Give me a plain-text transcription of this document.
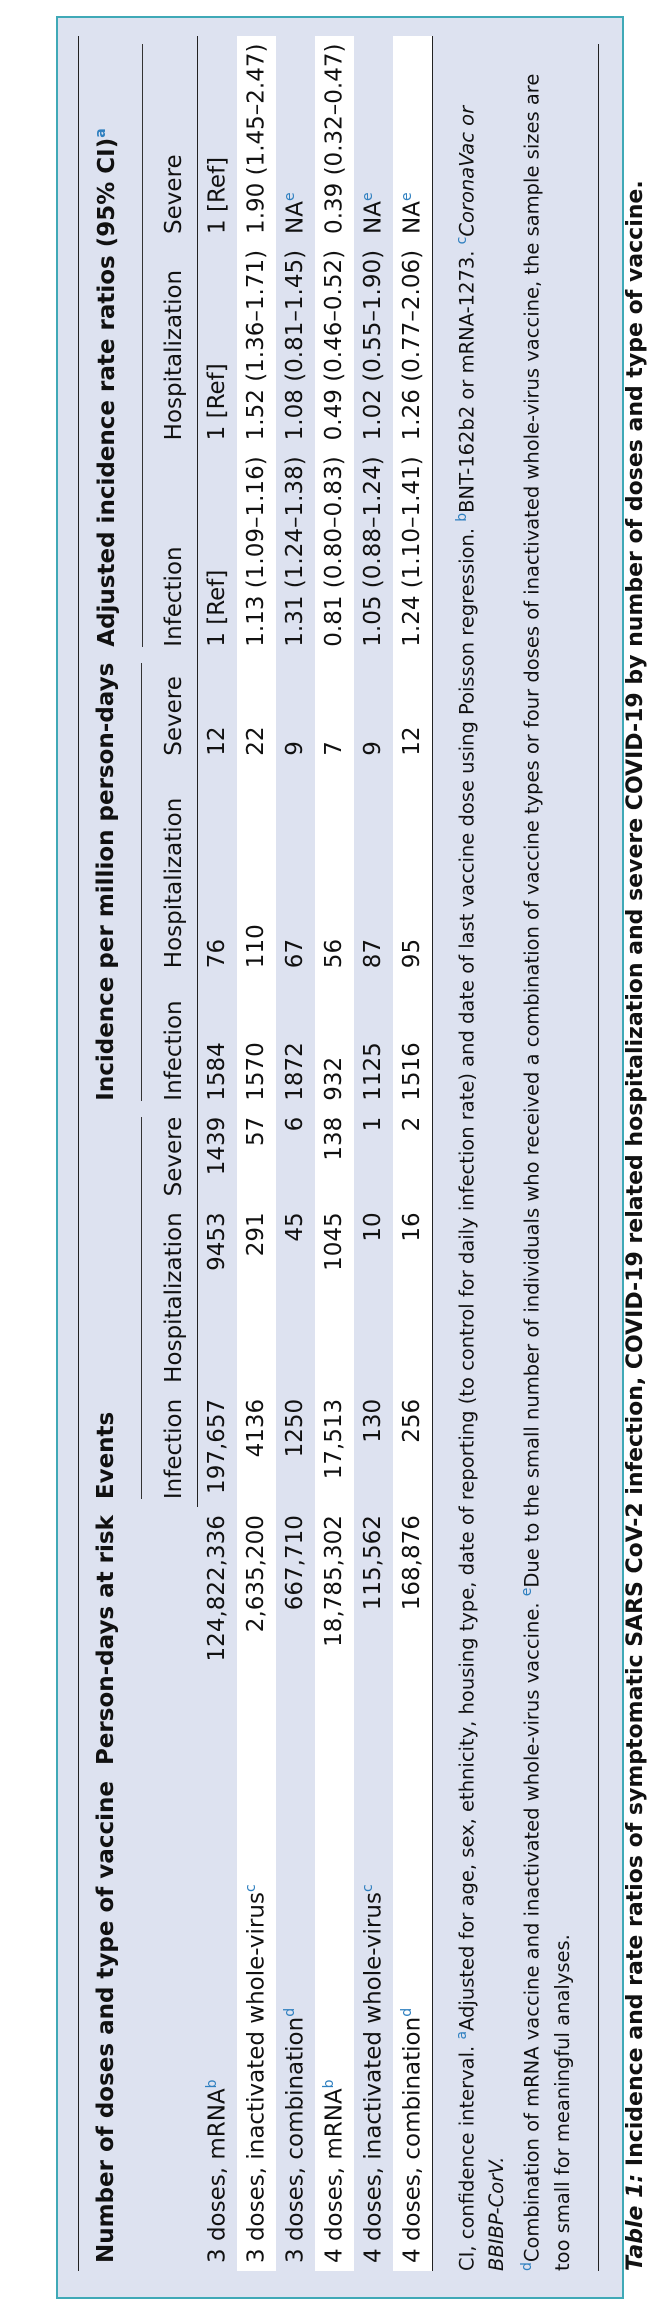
Number of doses and type of vaccine	Person-days at risk	Events			Incidence per million person-days			Adjusted incidence rate ratios (95% CI)$^a$
		Infection	Hospitalization	Severe	Infection	Hospitalization	Severe	Infection	Hospitalization	Severe
3 doses, mRNA$^b$	124,822,336	197,657	9453	1439	1584	76	12	1 [Ref]	1 [Ref]	1 [Ref]
3 doses, inactivated whole-virus$^c$	2,635,200	4136	291	57	1570	110	22	1.13 (1.09–1.16)	1.52 (1.36–1.71)	1.90 (1.45–2.47)
3 doses, combination$^d$	667,710	1250	45	6	1872	67	9	1.31 (1.24–1.38)	1.08 (0.81–1.45)	$NA^e$
4 doses, mRNA$^b$	18,785,302	17,513	1045	138	932	56	7	0.81 (0.80–0.83)	0.49 (0.46–0.52)	0.39 (0.32–0.47)
4 doses, inactivated whole-virus$^c$	115,562	130	10	1	1125	87	9	1.05 (0.88–1.24)	1.02 (0.55–1.90)	$NA^e$
4 doses, combination$^d$	168,876	256	16	2	1516	95	12	1.24 (1.10–1.41)	1.26 (0.77–2.06)	$NA^e$
CI, confidence interval. $^a$Adjusted for age, sex, ethnicity, housing type, date of reporting (to control for daily infection rate) and date of last vaccine dose using Poisson regression. $^b$BNT-162b2 or mRNA-1273. $^c$CoronaVac or BBIBP-CorV. $^d$Combination of mRNA vaccine and inactivated whole-virus vaccine. $^e$Due to the small number of individuals who received a combination of vaccine types or four doses of inactivated whole-virus vaccine, the sample sizes are too small for meaningful analyses.	Table 1: Incidence and rate ratios of symptomatic SARS CoV-2 infection, COVID-19 related hospitalization and severe COVID-19 by number of doses and type of vaccine.
